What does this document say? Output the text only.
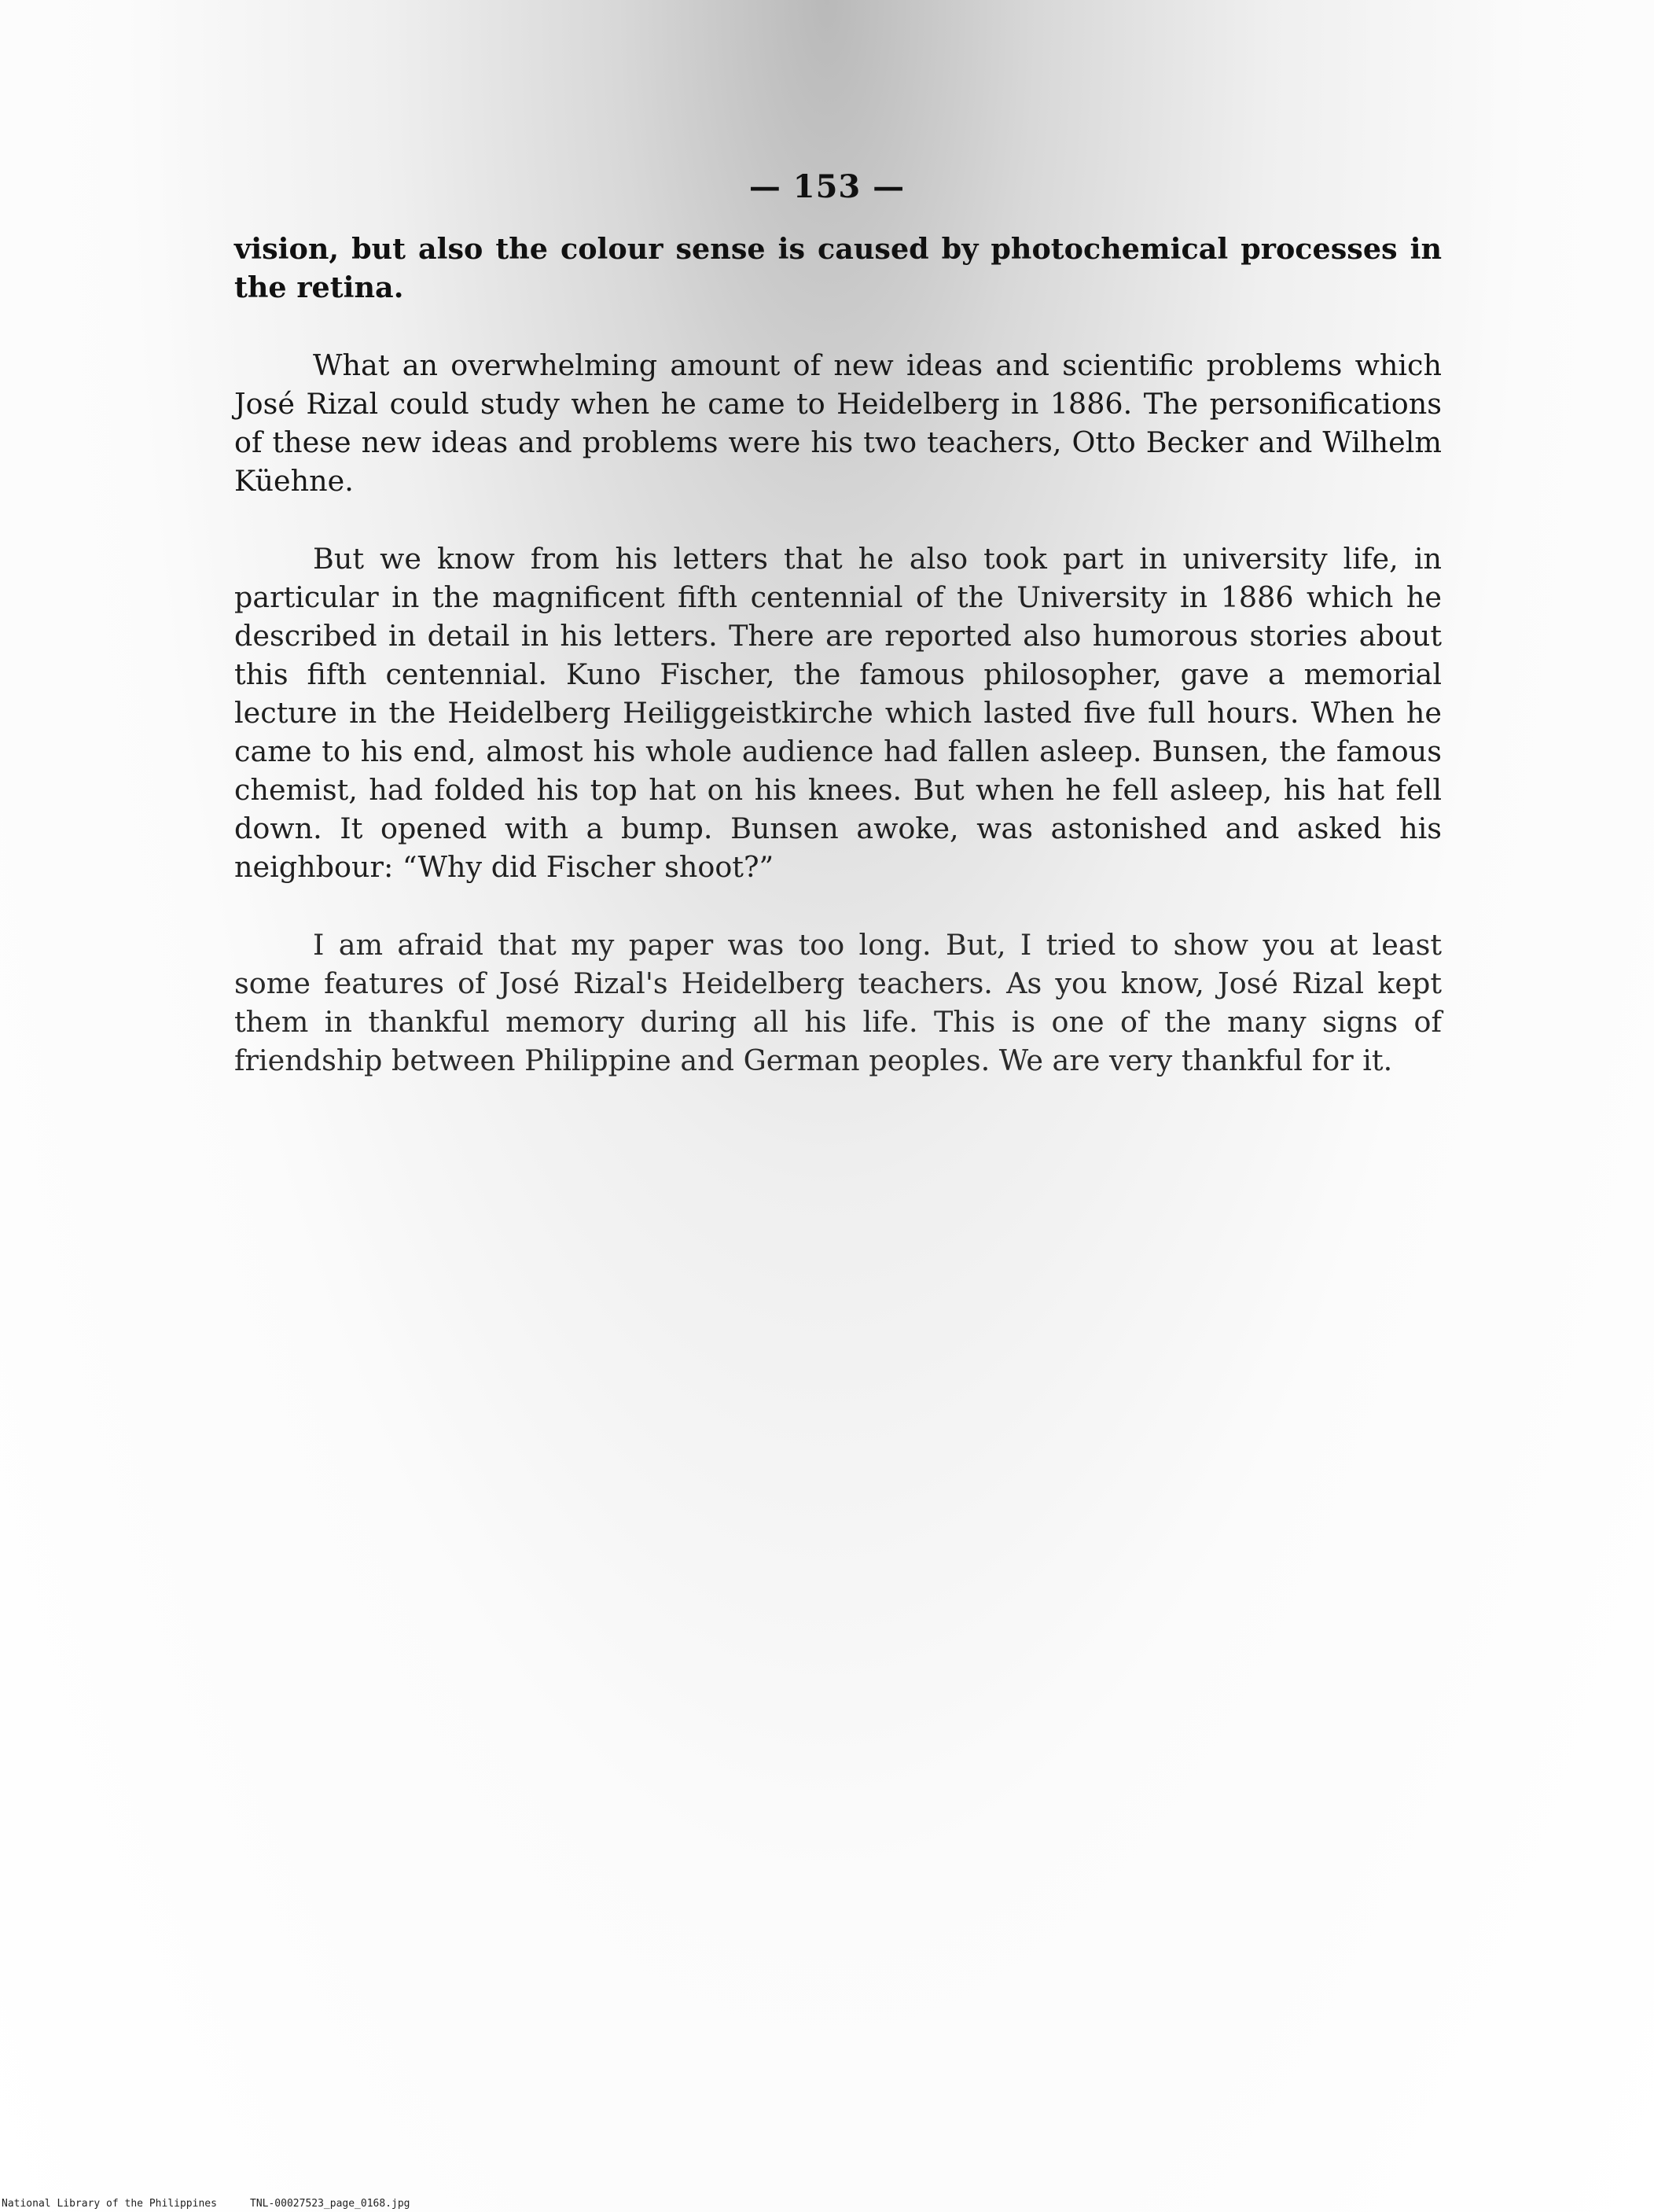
— 153 —

vision, but also the colour sense is caused by photochemical processes in the retina.

What an overwhelming amount of new ideas and scientific problems which José Rizal could study when he came to Heidelberg in 1886. The personifications of these new ideas and problems were his two teachers, Otto Becker and Wilhelm Küehne.

But we know from his letters that he also took part in university life, in particular in the magnificent fifth centennial of the University in 1886 which he described in detail in his letters. There are reported also humorous stories about this fifth centennial. Kuno Fischer, the famous philosopher, gave a memorial lecture in the Heidelberg Heiliggeistkirche which lasted five full hours. When he came to his end, almost his whole audience had fallen asleep. Bunsen, the famous chemist, had folded his top hat on his knees. But when he fell asleep, his hat fell down. It opened with a bump. Bunsen awoke, was astonished and asked his neighbour: “Why did Fischer shoot?”

I am afraid that my paper was too long. But, I tried to show you at least some features of José Rizal's Heidelberg teachers. As you know, José Rizal kept them in thankful memory during all his life. This is one of the many signs of friendship between Philippine and German peoples. We are very thankful for it.

National Library of the Philippines	TNL-00027523_page_0168.jpg
